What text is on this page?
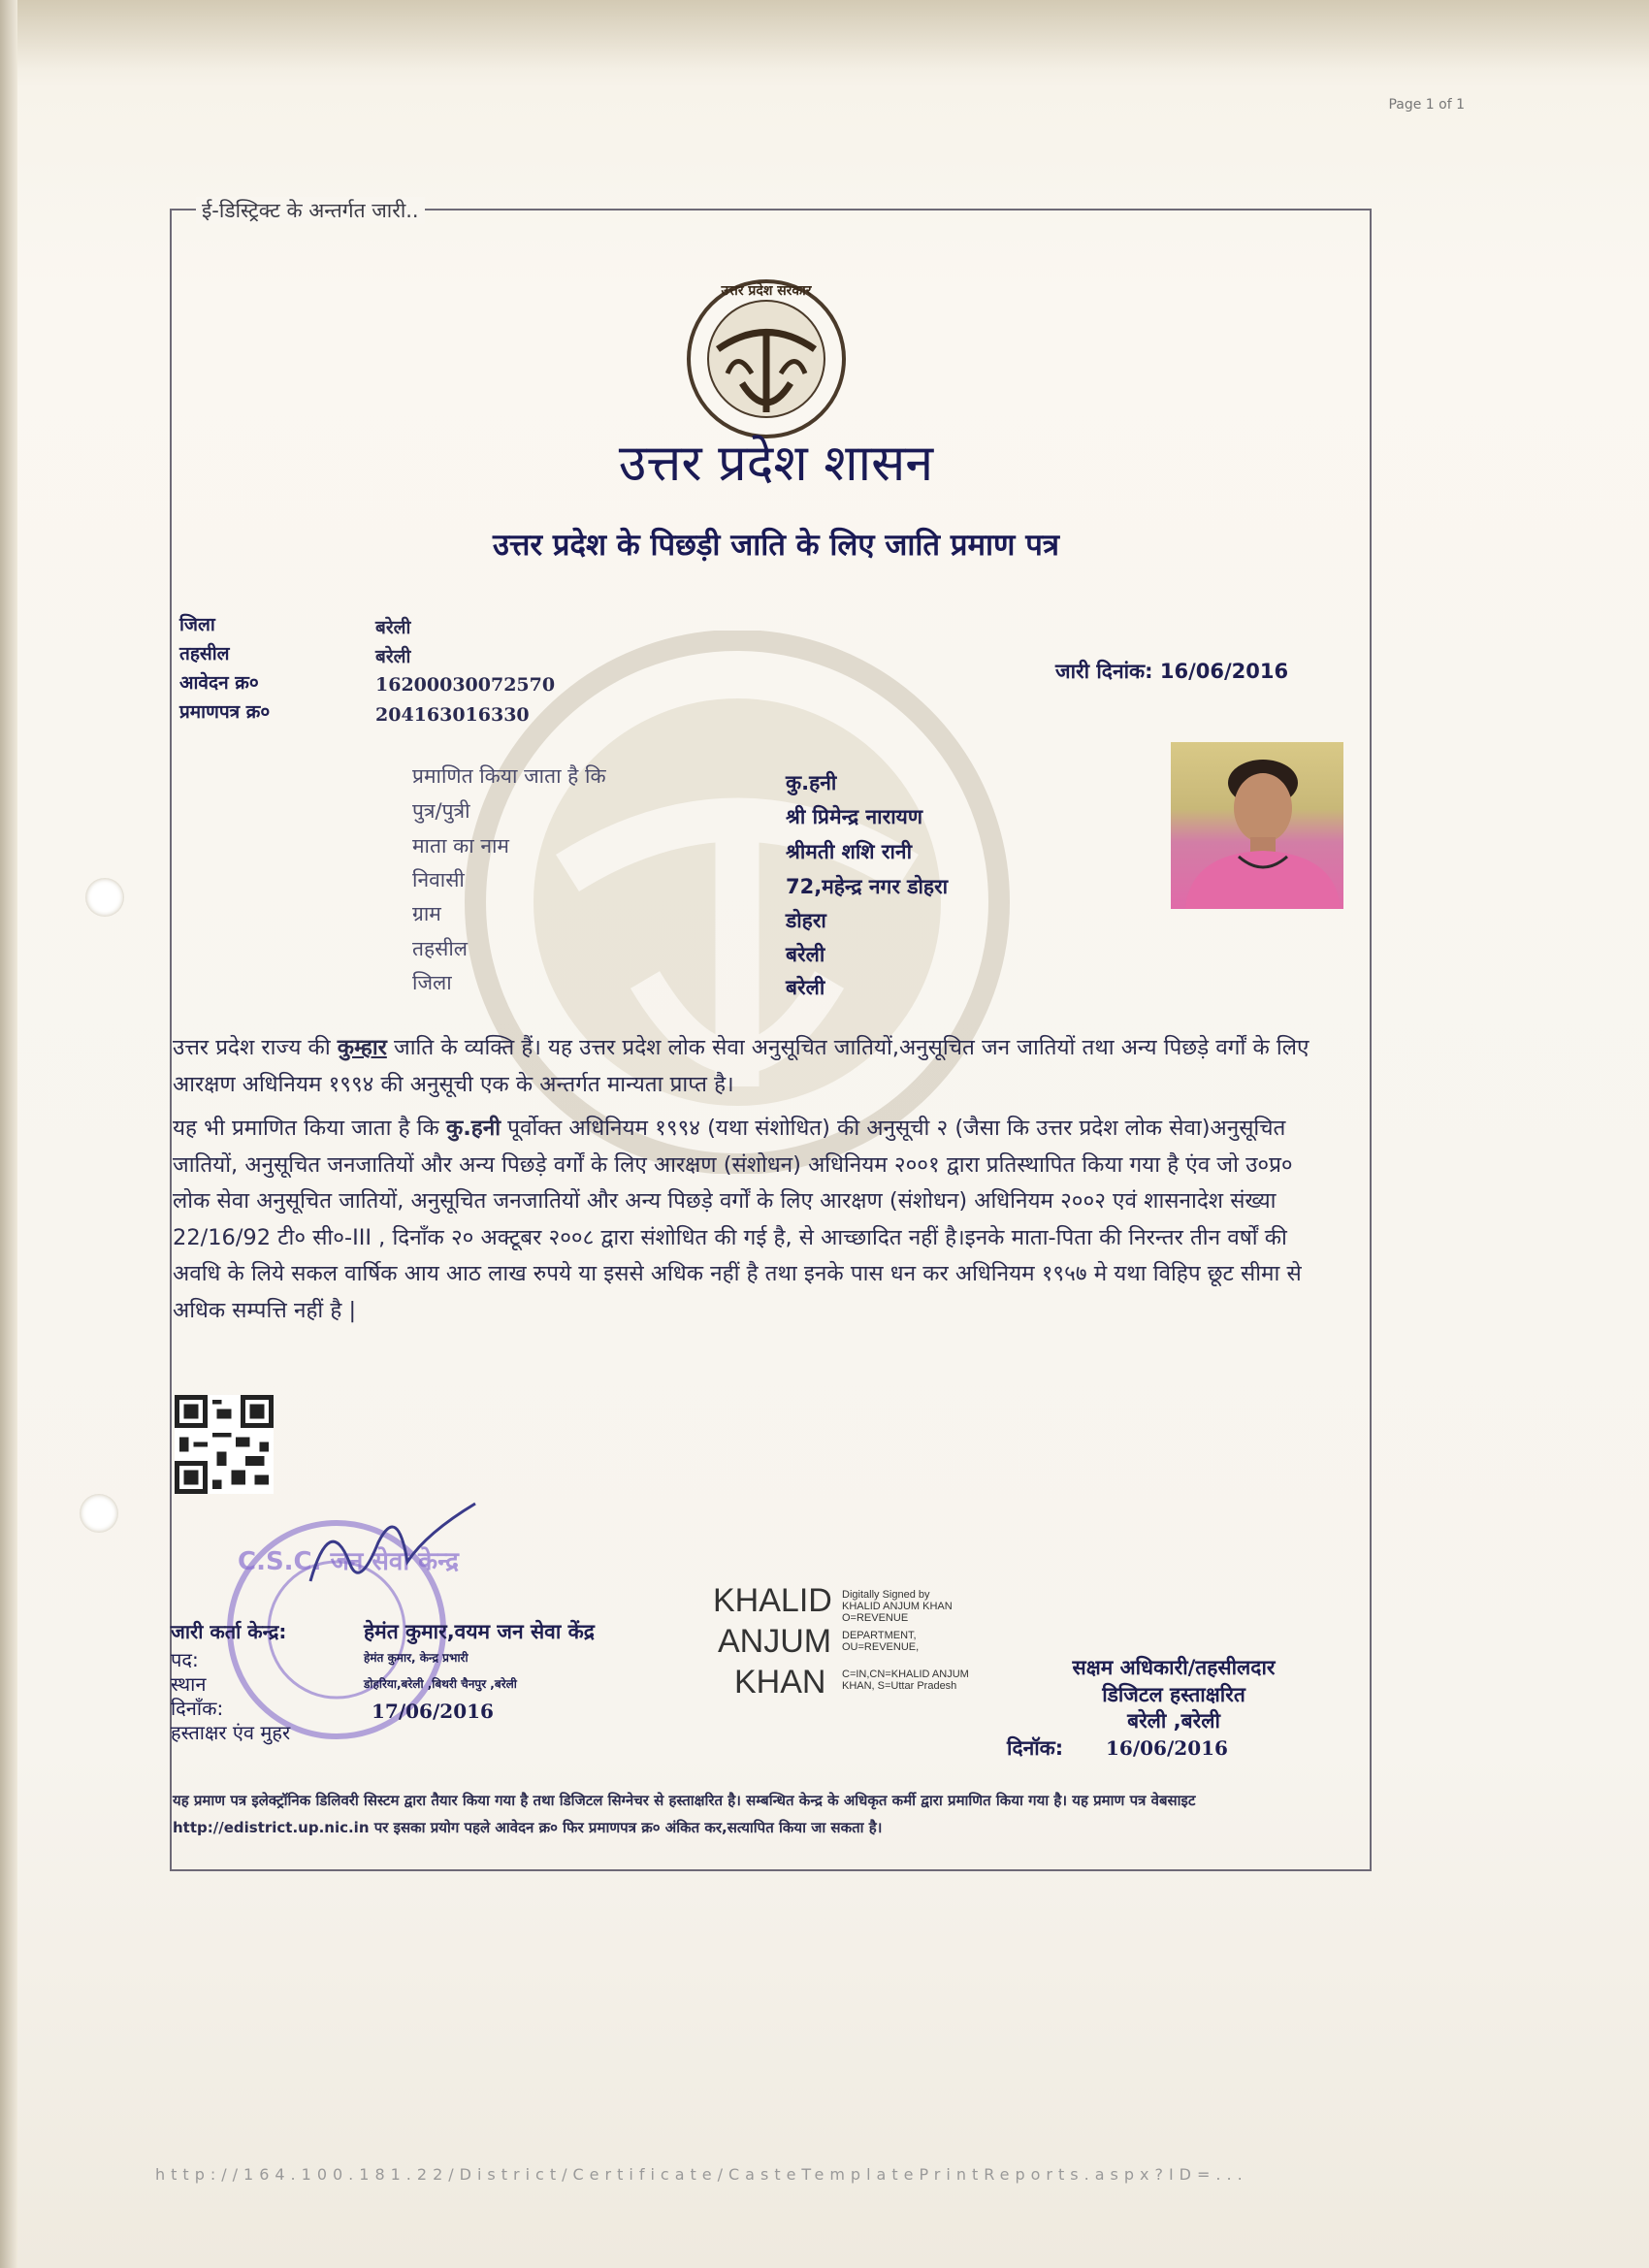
Page 1 of 1
ई-डिस्ट्रिक्ट के अन्तर्गत जारी..
उत्तर प्रदेश सरकार
उत्तर प्रदेश शासन
उत्तर प्रदेश के पिछड़ी जाति के लिए जाति प्रमाण पत्र
जिला	बरेली
तहसील	बरेली
आवेदन क्र०	162000300725​70
प्रमाणपत्र क्र०	204163016330
जारी दिनांक: 16/06/2016
प्रमाणित किया जाता है कि	कु.हनी
पुत्र/पुत्री	श्री प्रिमेन्द्र नारायण
माता का नाम	श्रीमती शशि रानी
निवासी	72,महेन्द्र नगर डोहरा
ग्राम	डोहरा
तहसील	बरेली
जिला	बरेली
उत्तर प्रदेश राज्य की कुम्हार जाति के व्यक्ति हैं। यह उत्तर प्रदेश लोक सेवा अनुसूचित जातियों,अनुसूचित जन जातियों तथा अन्य पिछड़े वर्गों के लिए आरक्षण अधिनियम १९९४ की अनुसूची एक के अन्तर्गत मान्यता प्राप्त है।
यह भी प्रमाणित किया जाता है कि कु.हनी पूर्वोक्त अधिनियम १९९४ (यथा संशोधित) की अनुसूची २ (जैसा कि उत्तर प्रदेश लोक सेवा)अनुसूचित जातियों, अनुसूचित जनजातियों और अन्य पिछड़े वर्गों के लिए आरक्षण (संशोधन) अधिनियम २००१ द्वारा प्रतिस्थापित किया गया है एंव जो उ०प्र० लोक सेवा अनुसूचित जातियों, अनुसूचित जनजातियों और अन्य पिछड़े वर्गों के लिए आरक्षण (संशोधन) अधिनियम २००२ एवं शासनादेश संख्या 22/16/92 टी० सी०-III , दिनाँक २० अक्टूबर २००८ द्वारा संशोधित की गई है, से आच्छादित नहीं है।इनके माता-पिता की निरन्तर तीन वर्षों की अवधि के लिये सकल वार्षिक आय आठ लाख रुपये या इससे अधिक नहीं है तथा इनके पास धन कर अधिनियम १९५७ मे यथा विहिप छूट सीमा से अधिक सम्पत्ति नहीं है |
C.S.C. जन सेवा केन्द्र
जारी कर्ता केन्द्र:	हेमंत कुमार,वयम जन सेवा केंद्र
पद:	हेमंत कुमार, केन्द्र प्रभारी
स्थान	डोहरिया,बरेली ,बिथरी चैनपुर ,बरेली
दिनाँक:	17/06/2016
हस्ताक्षर एंव मुहर
KHALID
ANJUM
KHAN
Digitally Signed by
KHALID ANJUM KHAN
O=REVENUE
DEPARTMENT,
OU=REVENUE,
C=IN,CN=KHALID ANJUM
KHAN, S=Uttar Pradesh
सक्षम अधिकारी/तहसीलदार
डिजिटल हस्ताक्षरित
बरेली ,बरेली
दिनॉक: 16/06/2016
यह प्रमाण पत्र इलेक्ट्रॉनिक डिलिवरी सिस्टम द्वारा तैयार किया गया है तथा डिजिटल सिग्नेचर से हस्ताक्षरित है। सम्बन्धित केन्द्र के अधिकृत कर्मी द्वारा प्रमाणित किया गया है। यह प्रमाण पत्र वेबसाइट http://edistrict.up.nic.in पर इसका प्रयोग पहले आवेदन क्र० फिर प्रमाणपत्र क्र० अंकित कर,सत्यापित किया जा सकता है।
http://164.100.181.22/District/Certificate/CasteTemplatePrintReports.aspx?ID=...
